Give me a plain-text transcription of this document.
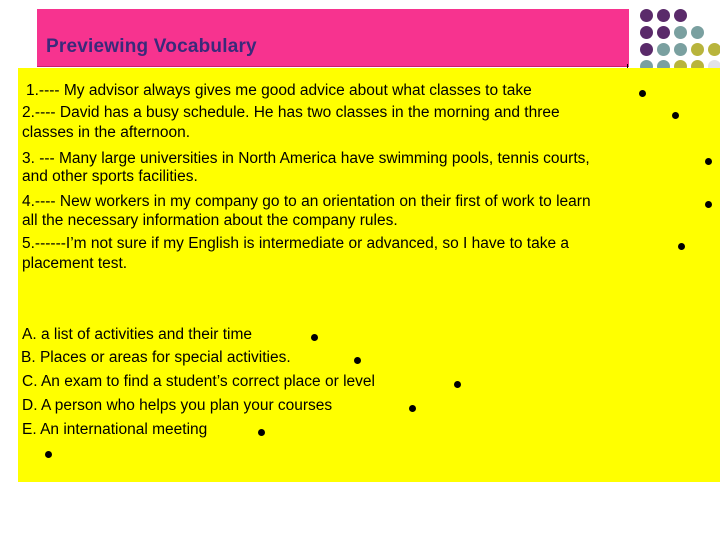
Previewing Vocabulary
1.---- My advisor always gives me good advice about what classes to take
2.---- David has a busy schedule. He has two classes in the morning and three
classes in the afternoon.
3. --- Many large universities in North America have swimming pools, tennis courts,
and other sports facilities.
4.---- New workers in my company go to an orientation on their first of work to learn
all the necessary information about the company rules.
5.------I’m not sure if my English is intermediate or advanced, so I have to take a
placement test.
A. a list of activities and their time
B. Places or areas for special activities.
C. An exam to find a student’s correct place or level
D. A person who helps you plan your courses
E. An international meeting
